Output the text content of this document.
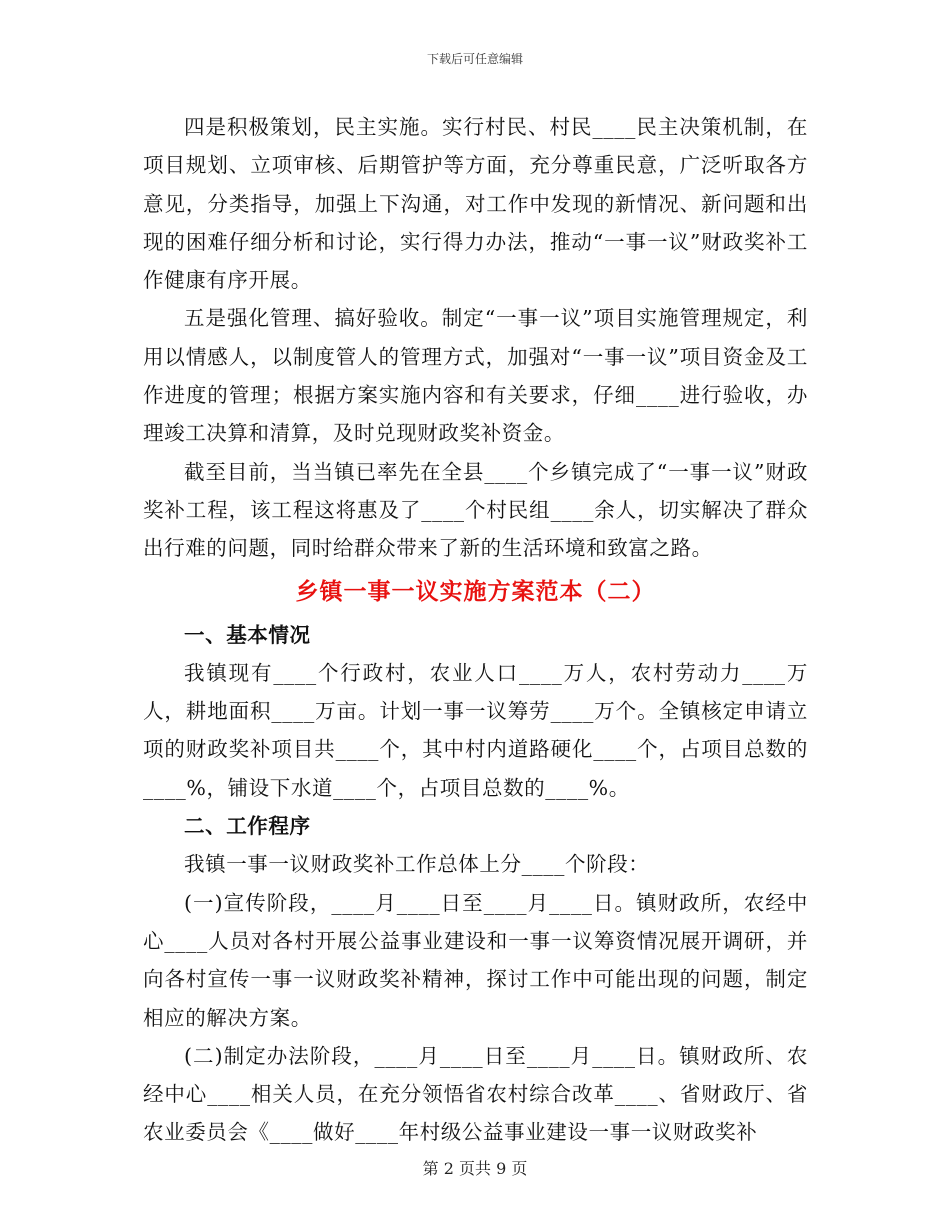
下载后可任意编辑

四是积极策划，民主实施。实行村民、村民____民主决策机制，在项目规划、立项审核、后期管护等方面，充分尊重民意，广泛听取各方意见，分类指导，加强上下沟通，对工作中发现的新情况、新问题和出现的困难仔细分析和讨论，实行得力办法，推动“一事一议”财政奖补工作健康有序开展。

五是强化管理、搞好验收。制定“一事一议”项目实施管理规定，利用以情感人，以制度管人的管理方式，加强对“一事一议”项目资金及工作进度的管理；根据方案实施内容和有关要求，仔细____进行验收，办理竣工决算和清算，及时兑现财政奖补资金。

截至目前，当当镇已率先在全县____个乡镇完成了“一事一议”财政奖补工程，该工程这将惠及了____个村民组____余人，切实解决了群众出行难的问题，同时给群众带来了新的生活环境和致富之路。

乡镇一事一议实施方案范本（二）
一、基本情况

我镇现有____个行政村，农业人口____万人，农村劳动力____万人，耕地面积____万亩。计划一事一议筹劳____万个。全镇核定申请立项的财政奖补项目共____个，其中村内道路硬化____个，占项目总数的____%，铺设下水道____个，占项目总数的____%。

二、工作程序

我镇一事一议财政奖补工作总体上分____个阶段：

(一)宣传阶段，____月____日至____月____日。镇财政所，农经中心____人员对各村开展公益事业建设和一事一议筹资情况展开调研，并向各村宣传一事一议财政奖补精神，探讨工作中可能出现的问题，制定相应的解决方案。

(二)制定办法阶段，____月____日至____月____日。镇财政所、农经中心____相关人员，在充分领悟省农村综合改革____、省财政厅、省农业委员会《____做好____年村级公益事业建设一事一议财政奖补

第 2 页共 9 页
